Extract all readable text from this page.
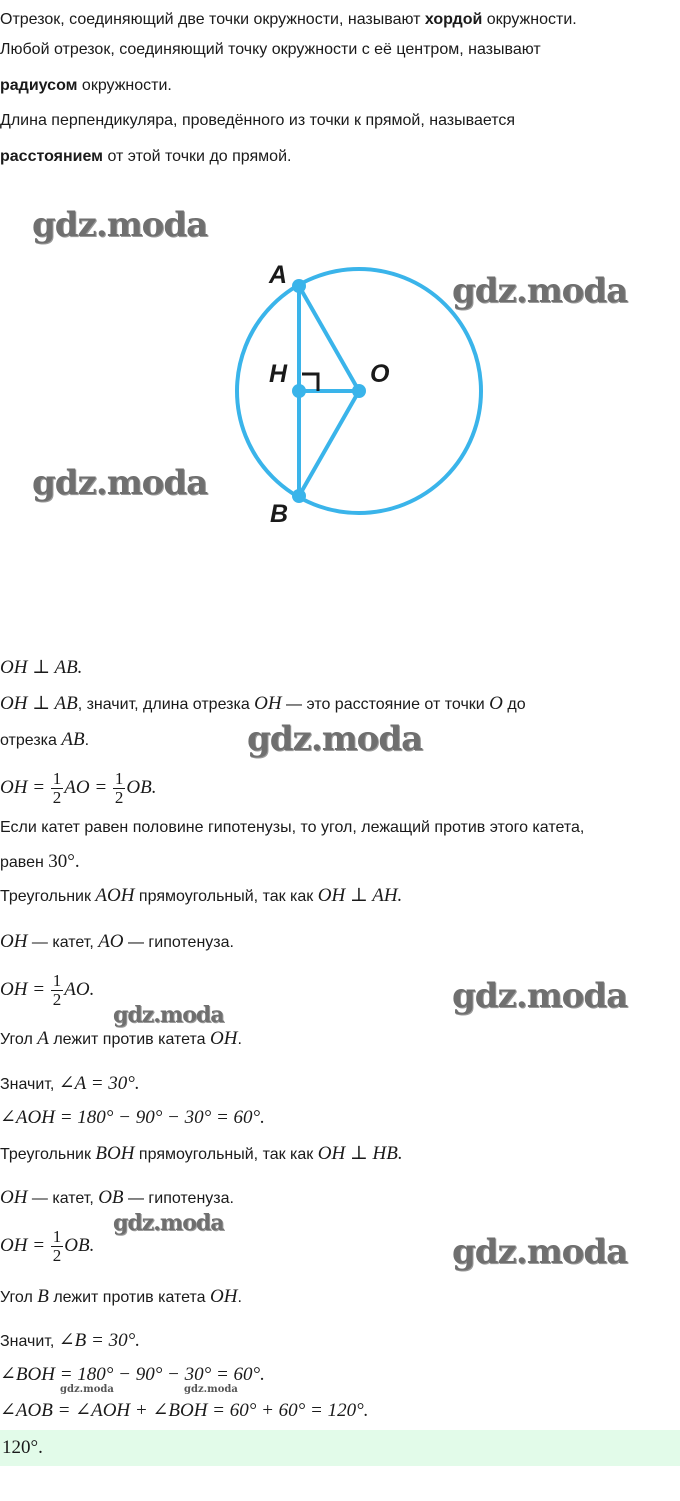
Отрезок, соединяющий две точки окружности, называют хордой окружности.
Любой отрезок, соединяющий точку окружности с её центром, называют
радиусом окружности.
Длина перпендикуляра, проведённого из точки к прямой, называется
расстоянием от этой точки до прямой.
A
H	O
B
gdz.moda
gdz.moda
gdz.moda
gdz.moda
gdz.moda
gdz.moda
gdz.moda
gdz.moda
gdz.moda	gdz.moda
OH ⊥ AB.
OH ⊥ AB, значит, длина отрезка OH — это расстояние от точки O до
отрезка AB.
OH = $\frac{1}{2}$ AO = $\frac{1}{2}$ OB.
Если катет равен половине гипотенузы, то угол, лежащий против этого катета,
равен 30°.
Треугольник AOH прямоугольный, так как OH ⊥ AH.
OH — катет, AO — гипотенуза.
OH = $\frac{1}{2}$ AO.
Угол A лежит против катета OH.
Значит, ∠A = 30°.
∠AOH = 180° − 90° − 30° = 60°.
Треугольник BOH прямоугольный, так как OH ⊥ HB.
OH — катет, OB — гипотенуза.
OH = $\frac{1}{2}$ OB.
Угол B лежит против катета OH.
Значит, ∠B = 30°.
∠BOH = 180° − 90° − 30° = 60°.
∠AOB = ∠AOH + ∠BOH = 60° + 60° = 120°.
120°.
